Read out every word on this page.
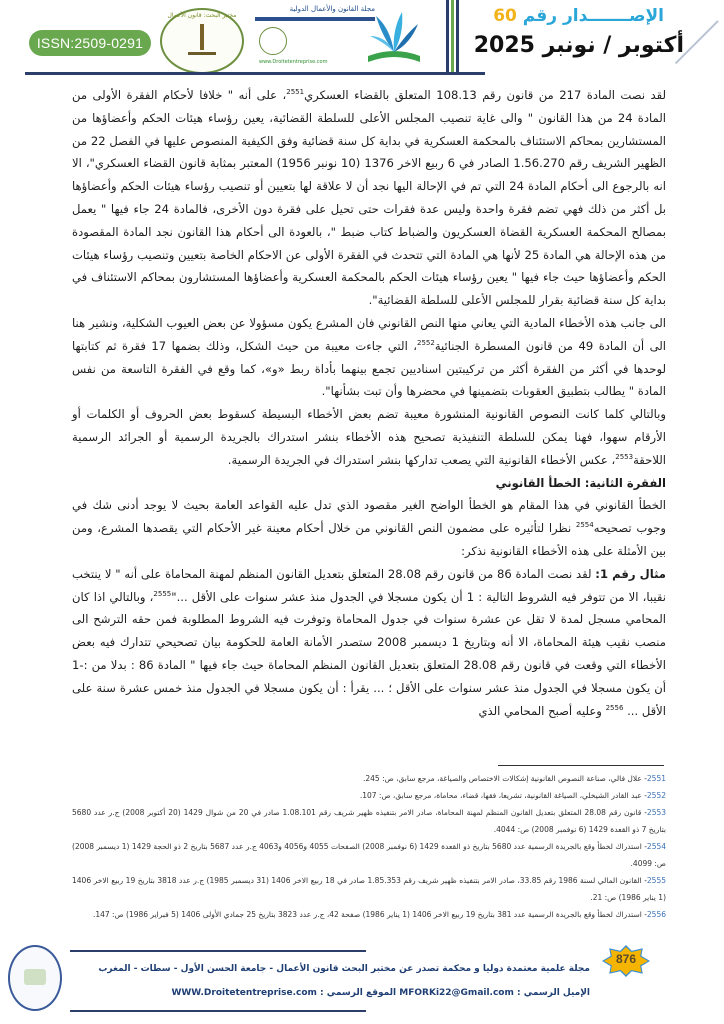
ISSN:2509-0291
مختبر البحث: قانون الأعمال
مجلة القانون والأعمال الدولية
www.Droitetentreprise.com
الإصـــــــدار رقم 60
أكتوبر / نونبر 2025

لقد نصت المادة 217 من قانون رقم 108.13 المتعلق بالقضاء العسكري$^{2551}$، على أنه " خلافا لأحكام الفقرة الأولى من المادة 24 من هذا القانون " والى غاية تنصيب المجلس الأعلى للسلطة القضائية، يعين رؤساء هيئات الحكم وأعضاؤها من المستشارين بمحاكم الاستئناف بالمحكمة العسكرية في بداية كل سنة قضائية وفق الكيفية المنصوص عليها في الفصل 22 من الظهير الشريف رقم 1.56.270 الصادر في 6 ربيع الاخر 1376 (10 نونبر 1956) المعتبر بمثابة قانون القضاء العسكري"، الا انه بالرجوع الى أحكام المادة 24 التي تم في الإحالة اليها نجد أن لا علاقة لها بتعيين أو تنصيب رؤساء هيئات الحكم وأعضاؤها بل أكثر من ذلك فهي تضم فقرة واحدة وليس عدة فقرات حتى تحيل على فقرة دون الأخرى، فالمادة 24 جاء فيها " يعمل بمصالح المحكمة العسكرية القضاة العسكريون والضباط كتاب ضبط "، بالعودة الى أحكام هذا القانون نجد المادة المقصودة من هذه الإحالة هي المادة 25 لأنها هي المادة التي تتحدث في الفقرة الأولى عن الاحكام الخاصة بتعيين وتنصيب رؤساء هيئات الحكم وأعضاؤها حيث جاء فيها " يعين رؤساء هيئات الحكم بالمحكمة العسكرية وأعضاؤها المستشارون بمحاكم الاستئناف في بداية كل سنة قضائية بقرار للمجلس الأعلى للسلطة القضائية".

الى جانب هذه الأخطاء المادية التي يعاني منها النص القانوني فان المشرع يكون مسؤولا عن بعض العيوب الشكلية، ونشير هنا الى أن المادة 49 من قانون المسطرة الجنائية$^{2552}$، التي جاءت معيبة من حيث الشكل، وذلك بضمها 17 فقرة ثم كتابتها لوحدها في أكثر من الفقرة أكثر من تركيبتين اسناديين تجمع بينهما بأداة ربط «و»، كما وقع في الفقرة التاسعة من نفس المادة " يطالب بتطبيق العقوبات بتضمينها في محضرها وأن تبت بشأنها".

وبالتالي كلما كانت النصوص القانونية المنشورة معيبة تضم بعض الأخطاء البسيطة كسقوط بعض الحروف أو الكلمات أو الأرقام سهوا، فهنا يمكن للسلطة التنفيذية تصحيح هذه الأخطاء بنشر استدراك بالجريدة الرسمية أو الجرائد الرسمية اللاحقة$^{2553}$، عكس الأخطاء القانونية التي يصعب تداركها بنشر استدراك في الجريدة الرسمية.

الفقرة الثانية: الخطأ القانوني

الخطأ القانوني في هذا المقام هو الخطأ الواضح الغير مقصود الذي تدل عليه القواعد العامة بحيث لا يوجد أدنى شك في وجوب تصحيحه$^{2554}$ نظرا لتأثيره على مضمون النص القانوني من خلال أحكام معينة غير الأحكام التي يقصدها المشرع، ومن بين الأمثلة على هذه الأخطاء القانونية نذكر:

مثال رقم 1: لقد نصت المادة 86 من قانون رقم 28.08 المتعلق بتعديل القانون المنظم لمهنة المحاماة على أنه " لا ينتخب نقيبا، الا من تتوفر فيه الشروط التالية : 1 أن يكون مسجلا في الجدول منذ عشر سنوات على الأقل ..."$^{2555}$، وبالتالي اذا كان المحامي مسجل لمدة لا تقل عن عشرة سنوات في جدول المحاماة وتوفرت فيه الشروط المطلوبة فمن حقه الترشح الى منصب نقيب هيئة المحاماة، الا أنه وبتاريخ 1 ديسمبر 2008 ستصدر الأمانة العامة للحكومة بيان تصحيحي تتدارك فيه بعض الأخطاء التي وقعت في قانون رقم 28.08 المتعلق بتعديل القانون المنظم المحاماة حيث جاء فيها " المادة 86 : بدلا من :-1 أن يكون مسجلا في الجدول منذ عشر سنوات على الأقل ؛ ... يقرأ : أن يكون مسجلا في الجدول منذ خمس عشرة سنة على الأقل ... $^{2556}$ وعليه أصبح المحامي الذي

2551- علال فالي، صناعة النصوص القانونية إشكالات الاختصاص والصياغة، مرجع سابق، ص: 245.

2552- عبد القادر الشيخلي، الصياغة القانونية، تشريعا، فقها، قضاء، محاماة، مرجع سابق، ص: 107.

2553- قانون رقم 28.08 المتعلق بتعديل القانون المنظم لمهنة المحاماة، صادر الامر بتنفيذه ظهير شريف رقم 1.08.101 صادر في 20 من شوال 1429 (20 أكتوبر 2008) ج.ر عدد 5680 بتاريخ 7 ذو القعدة 1429 (6 نوفمبر 2008) ص: 4044.

2554- استدراك لخطأ وقع بالجريدة الرسمية عدد 5680 بتاريخ ذو القعدة 1429 (6 نوفمبر 2008) الصفحات 4055 و4056 و4063 ج.ر عدد 5687 بتاريخ 2 ذو الحجة 1429 (1 ديسمبر 2008) ص: 4099.

2555- القانون المالي لسنة 1986 رقم 33.85، صادر الامر بتنفيذه ظهير شريف رقم 1.85.353 صادر في 18 ربيع الاخر 1406 (31 ديسمبر 1985) ج.ر عدد 3818 بتاريخ 19 ربيع الاخر 1406 (1 يناير 1986) ص: 21.

2556- استدراك لخطأ وقع بالجريدة الرسمية عدد 381 بتاريخ 19 ربيع الاخر 1406 (1 يناير 1986) صفحة 42، ج.ر عدد 3823 بتاريخ 25 جمادي الأولى 1406 (5 فبراير 1986) ص: 147.

مجلة علمية معتمدة دوليا و محكمة تصدر عن مختبر البحث قانون الأعمال - جامعة الحسن الأول - سطات - المغرب
الإميل الرسمي : MFORKi22@Gmail.com الموقع الرسمي : WWW.Droitetentreprise.com
876
